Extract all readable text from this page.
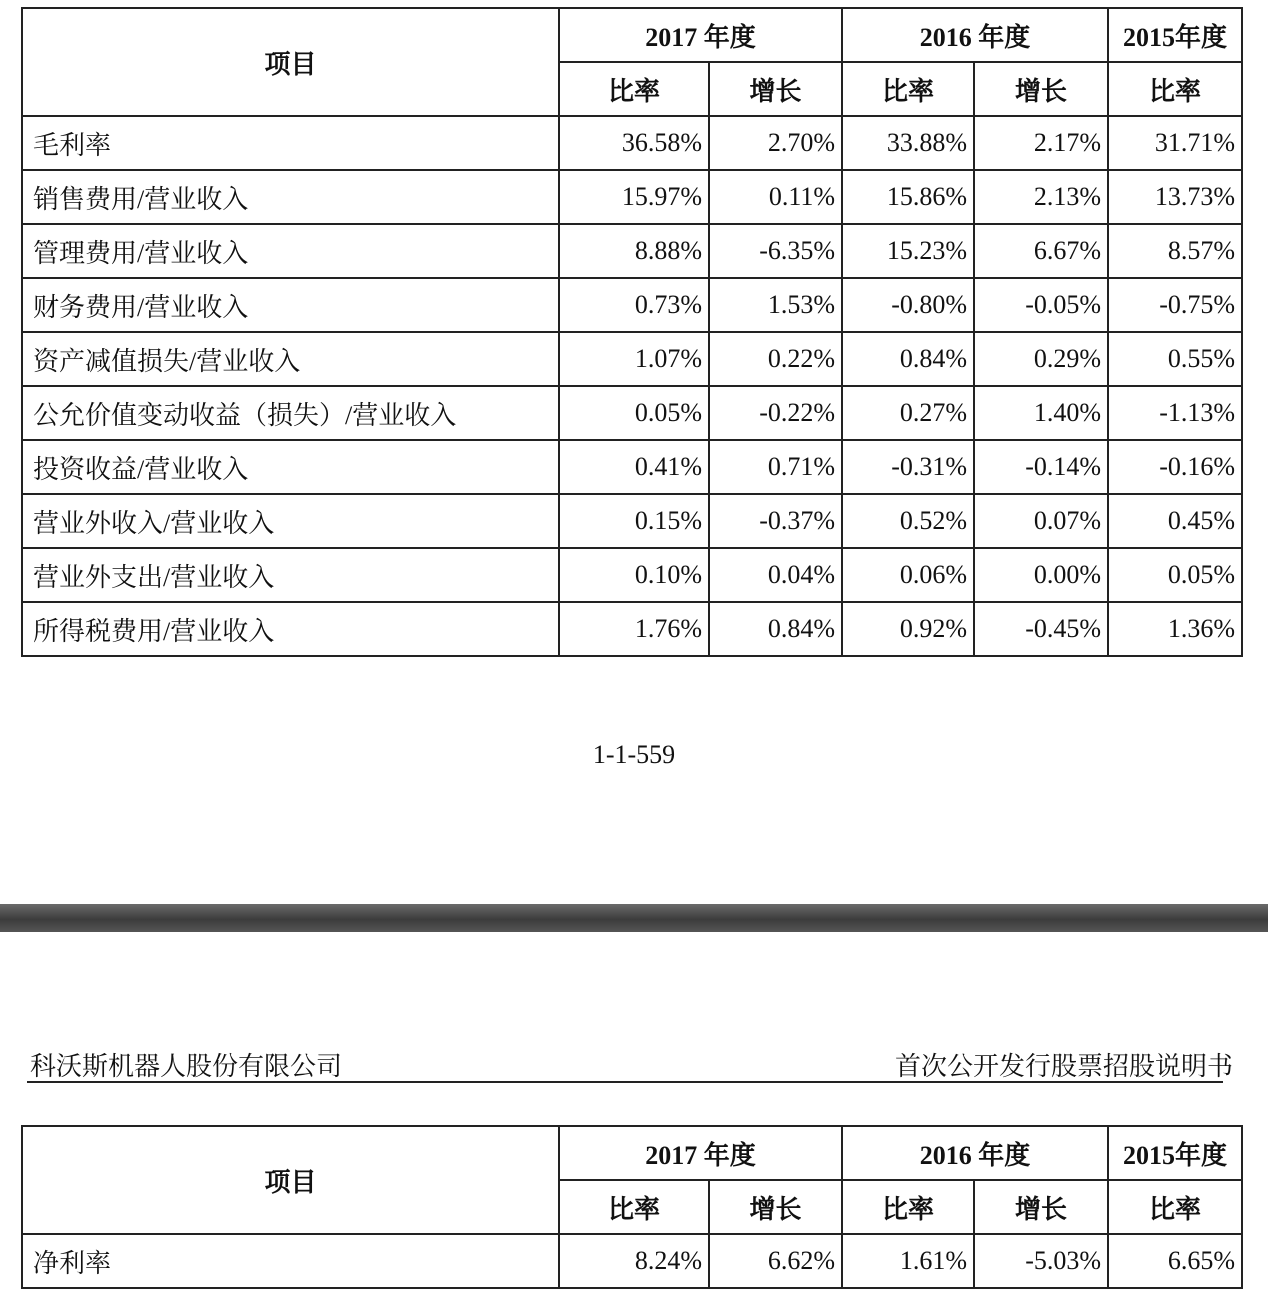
项目	2017 年度		2016 年度		2015年度
	比率	增长	比率	增长	比率
毛利率	36.58%	2.70%	33.88%	2.17%	31.71%
销售费用/营业收入	15.97%	0.11%	15.86%	2.13%	13.73%
管理费用/营业收入	8.88%	-6.35%	15.23%	6.67%	8.57%
财务费用/营业收入	0.73%	1.53%	-0.80%	-0.05%	-0.75%
资产减值损失/营业收入	1.07%	0.22%	0.84%	0.29%	0.55%
公允价值变动收益（损失）/营业收入	0.05%	-0.22%	0.27%	1.40%	-1.13%
投资收益/营业收入	0.41%	0.71%	-0.31%	-0.14%	-0.16%
营业外收入/营业收入	0.15%	-0.37%	0.52%	0.07%	0.45%
营业外支出/营业收入	0.10%	0.04%	0.06%	0.00%	0.05%
所得税费用/营业收入	1.76%	0.84%	0.92%	-0.45%	1.36%
1-1-559
科沃斯机器人股份有限公司	首次公开发行股票招股说明书
项目	2017 年度		2016 年度		2015年度
	比率	增长	比率	增长	比率
净利率	8.24%	6.62%	1.61%	-5.03%	6.65%
